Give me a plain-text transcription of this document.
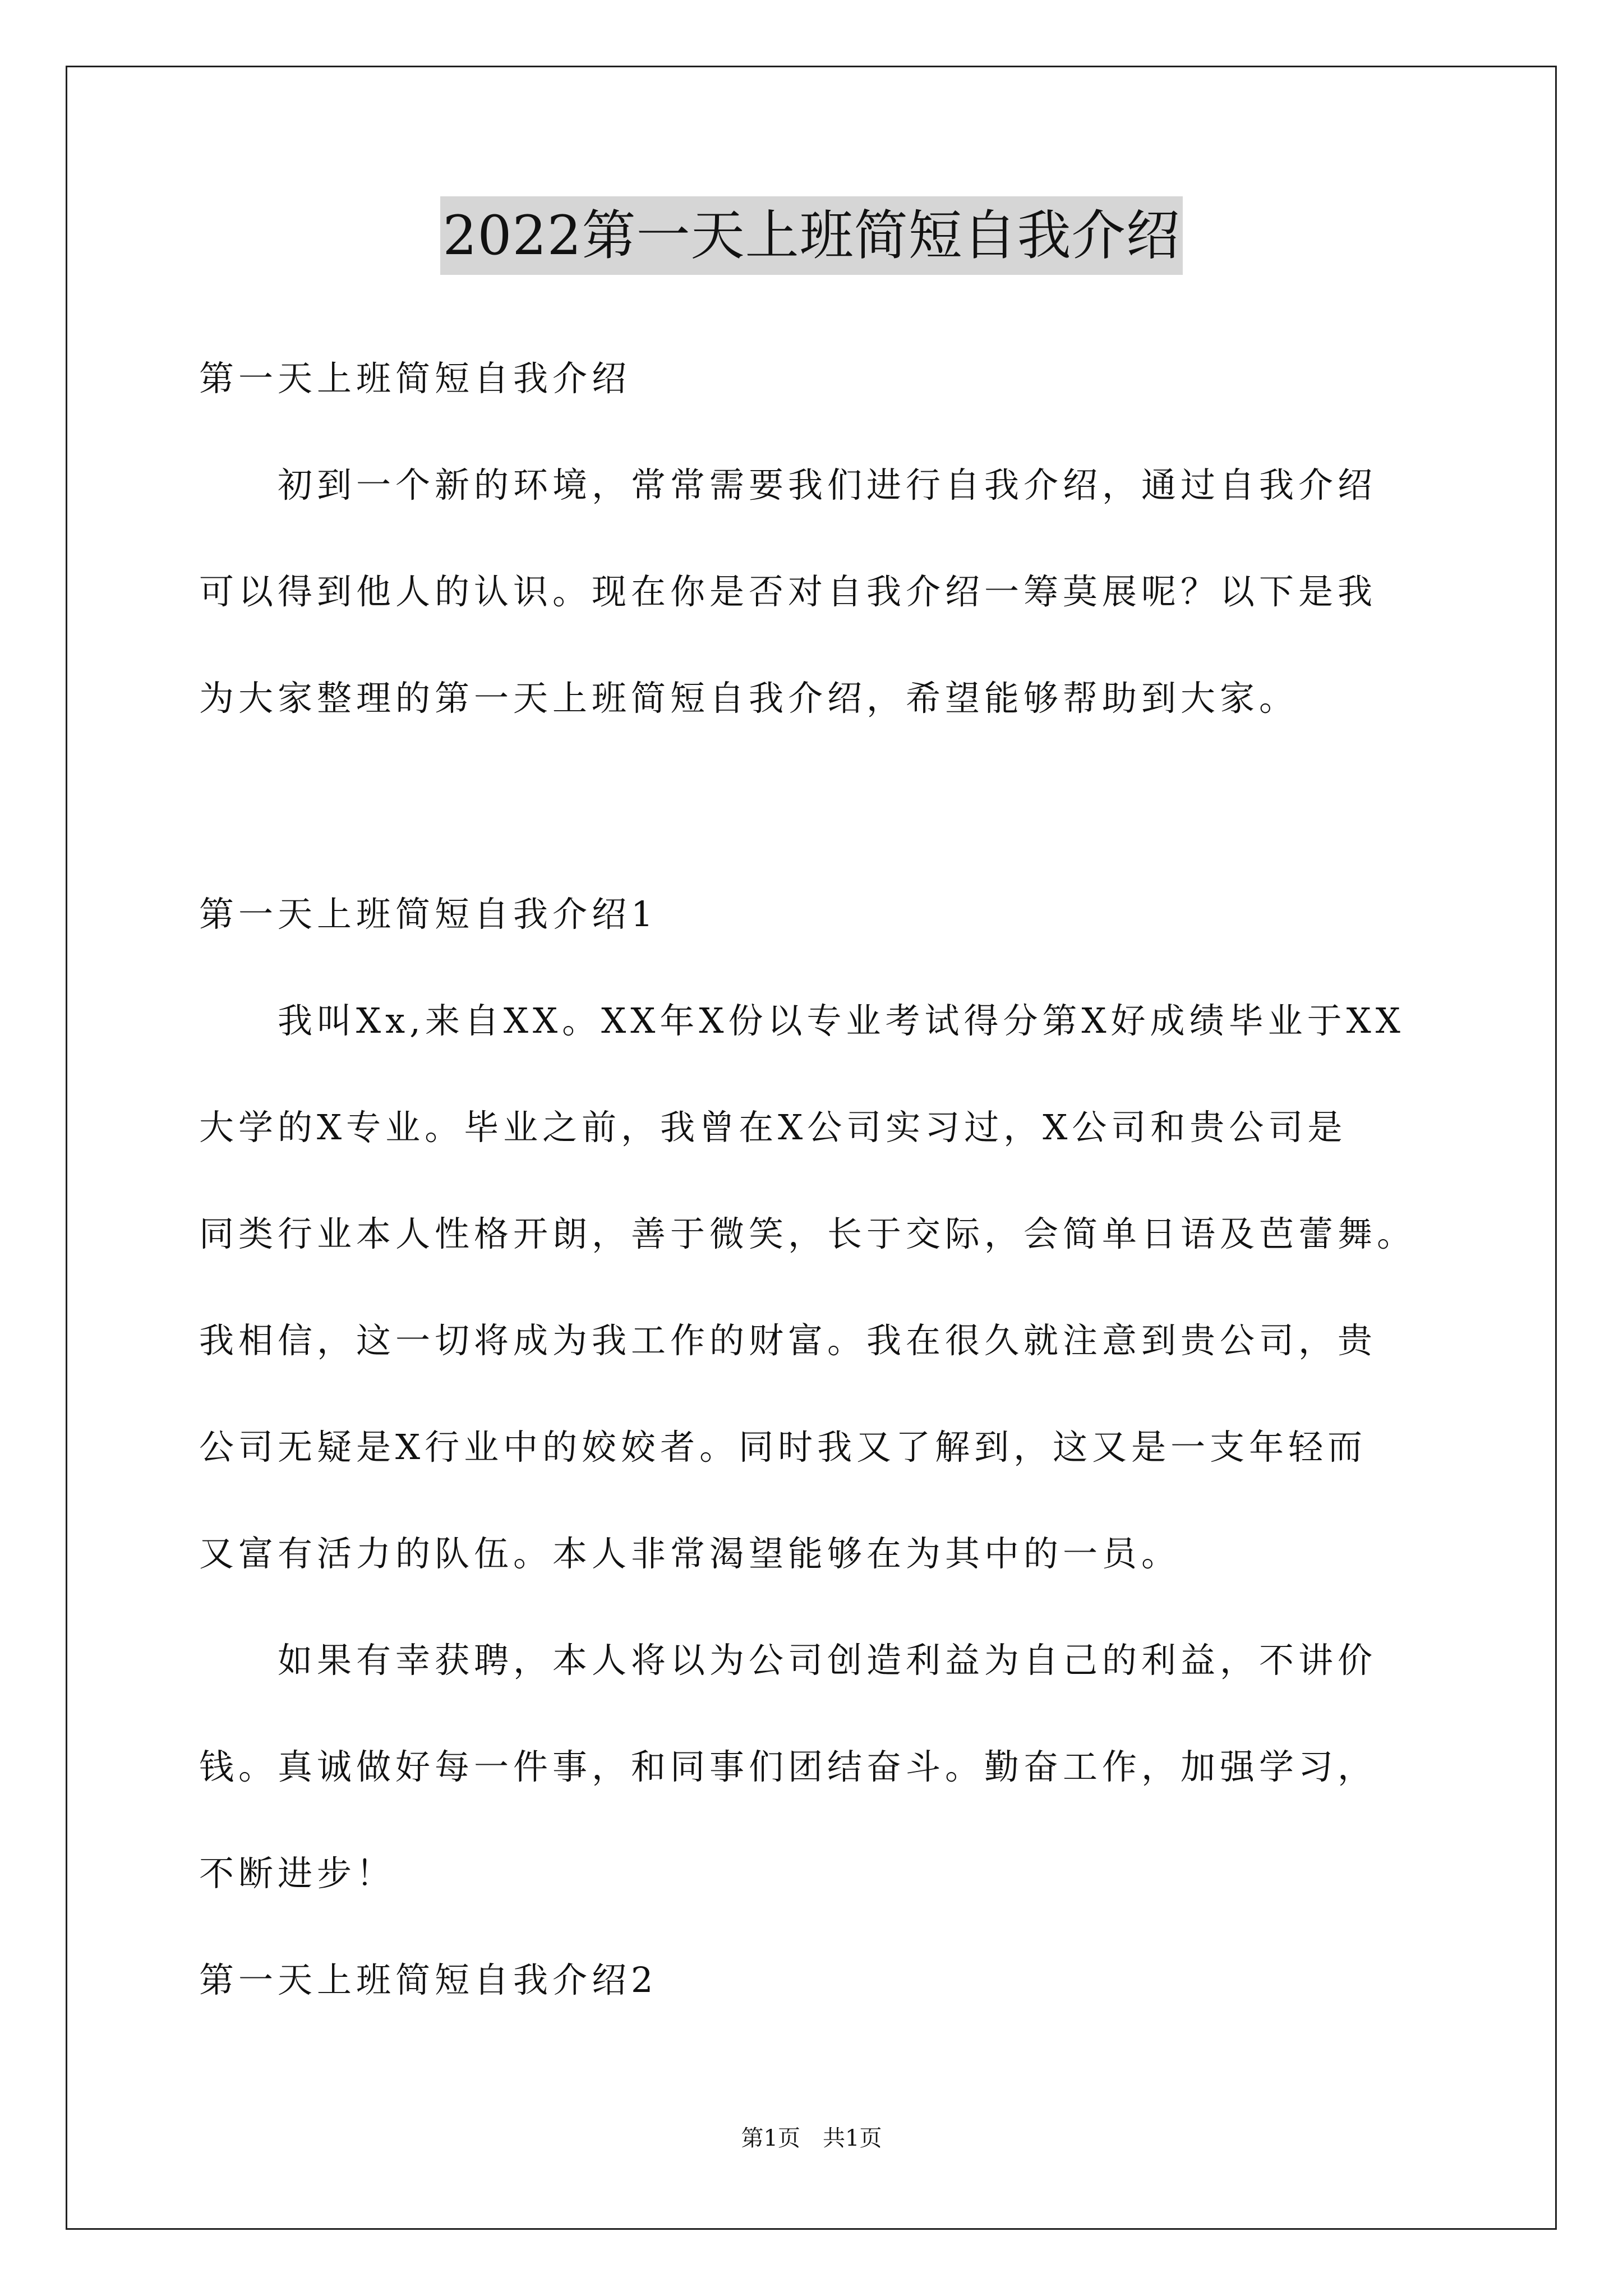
2022第一天上班简短自我介绍
第一天上班简短自我介绍
初到一个新的环境，常常需要我们进行自我介绍，通过自我介绍
可以得到他人的认识。现在你是否对自我介绍一筹莫展呢？以下是我
为大家整理的第一天上班简短自我介绍，希望能够帮助到大家。
第一天上班简短自我介绍1
我叫Xx,来自XX。XX年X份以专业考试得分第X好成绩毕业于XX
大学的X专业。毕业之前，我曾在X公司实习过，X公司和贵公司是
同类行业本人性格开朗，善于微笑，长于交际，会简单日语及芭蕾舞。
我相信，这一切将成为我工作的财富。我在很久就注意到贵公司，贵
公司无疑是X行业中的姣姣者。同时我又了解到，这又是一支年轻而
又富有活力的队伍。本人非常渴望能够在为其中的一员。
如果有幸获聘，本人将以为公司创造利益为自己的利益，不讲价
钱。真诚做好每一件事，和同事们团结奋斗。勤奋工作，加强学习，
不断进步！
第一天上班简短自我介绍2
第1页　共1页
